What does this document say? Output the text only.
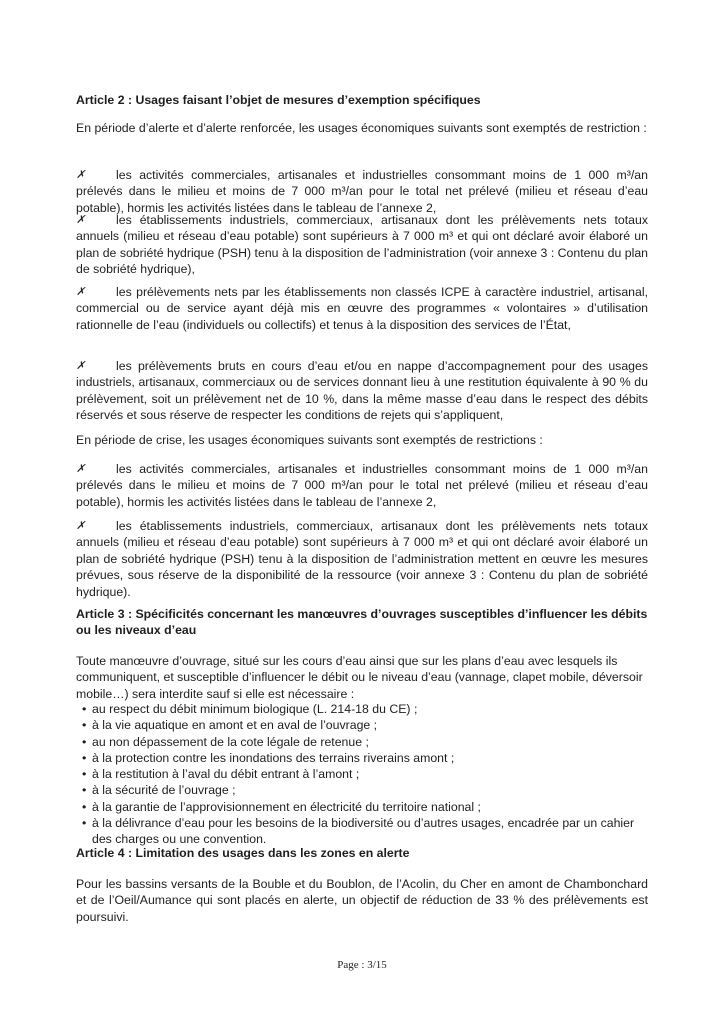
Article 2 : Usages faisant l’objet de mesures d’exemption spécifiques

En période d’alerte et d’alerte renforcée, les usages économiques suivants sont exemptés de restriction :

✗	les activités commerciales, artisanales et industrielles consommant moins de 1 000 m³/an prélevés dans le milieu et moins de 7 000 m³/an pour le total net prélevé (milieu et réseau d’eau potable), hormis les activités listées dans le tableau de l’annexe 2,

✗	les établissements industriels, commerciaux, artisanaux dont les prélèvements nets totaux annuels (milieu et réseau d’eau potable) sont supérieurs à 7 000 m³ et qui ont déclaré avoir élaboré un plan de sobriété hydrique (PSH) tenu à la disposition de l’administration (voir annexe 3 : Contenu du plan de sobriété hydrique),

✗	les prélèvements nets par les établissements non classés ICPE à caractère industriel, artisanal, commercial ou de service ayant déjà mis en œuvre des programmes « volontaires » d’utilisation rationnelle de l’eau (individuels ou collectifs) et tenus à la disposition des services de l’État,

✗	les prélèvements bruts en cours d’eau et/ou en nappe d’accompagnement pour des usages industriels, artisanaux, commerciaux ou de services donnant lieu à une restitution équivalente à 90 % du prélèvement, soit un prélèvement net de 10 %, dans la même masse d’eau dans le respect des débits réservés et sous réserve de respecter les conditions de rejets qui s’appliquent,

En période de crise, les usages économiques suivants sont exemptés de restrictions :

✗	les activités commerciales, artisanales et industrielles consommant moins de 1 000 m³/an prélevés dans le milieu et moins de 7 000 m³/an pour le total net prélevé (milieu et réseau d’eau potable), hormis les activités listées dans le tableau de l’annexe 2,

✗	les établissements industriels, commerciaux, artisanaux dont les prélèvements nets totaux annuels (milieu et réseau d’eau potable) sont supérieurs à 7 000 m³ et qui ont déclaré avoir élaboré un plan de sobriété hydrique (PSH) tenu à la disposition de l’administration mettent en œuvre les mesures prévues, sous réserve de la disponibilité de la ressource (voir annexe 3 : Contenu du plan de sobriété hydrique).

Article 3 : Spécificités concernant les manœuvres d’ouvrages susceptibles d’influencer les débits ou les niveaux d’eau

Toute manœuvre d’ouvrage, situé sur les cours d’eau ainsi que sur les plans d’eau avec lesquels ils communiquent, et susceptible d’influencer le débit ou le niveau d’eau (vannage, clapet mobile, déversoir mobile…) sera interdite sauf si elle est nécessaire :

• au respect du débit minimum biologique (L. 214-18 du CE) ;
• à la vie aquatique en amont et en aval de l’ouvrage ;
• au non dépassement de la cote légale de retenue ;
• à la protection contre les inondations des terrains riverains amont ;
• à la restitution à l’aval du débit entrant à l’amont ;
• à la sécurité de l’ouvrage ;
• à la garantie de l’approvisionnement en électricité du territoire national ;
• à la délivrance d’eau pour les besoins de la biodiversité ou d’autres usages, encadrée par un cahier des charges ou une convention.

Article 4 : Limitation des usages dans les zones en alerte

Pour les bassins versants de la Bouble et du Boublon, de l’Acolin, du Cher en amont de Chambonchard et de l’Oeil/Aumance qui sont placés en alerte, un objectif de réduction de 33 % des prélèvements est poursuivi.

Page : 3/15
